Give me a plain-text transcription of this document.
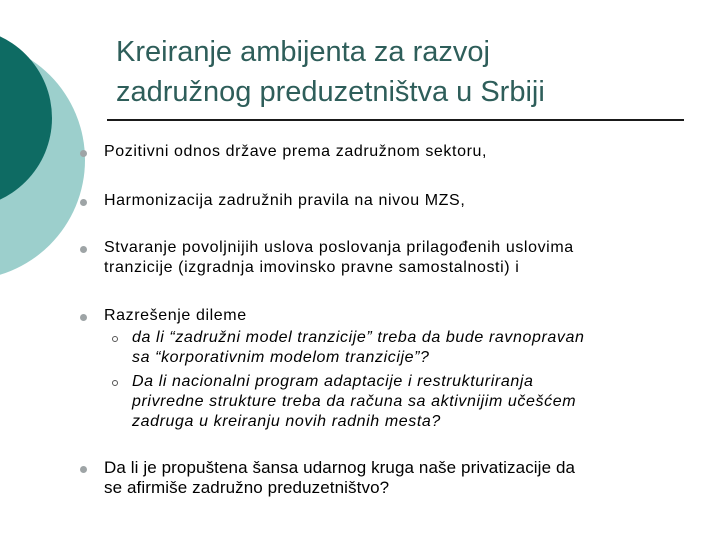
Kreiranje ambijenta za razvoj
zadružnog preduzetništva u Srbiji
Pozitivni odnos države prema zadružnom sektoru,
Harmonizacija zadružnih pravila na nivou MZS,
Stvaranje povoljnijih uslova poslovanja prilagođenih uslovima
tranzicije (izgradnja imovinsko pravne samostalnosti) i
Razrešenje dileme
da li “zadružni model tranzicije” treba da bude ravnopravan
sa “korporativnim modelom tranzicije”?
Da li nacionalni program adaptacije i restrukturiranja
privredne strukture treba da računa sa aktivnijim učešćem
zadruga u kreiranju novih radnih mesta?
Da li je propuštena šansa udarnog kruga naše privatizacije da
se afirmiše zadružno preduzetništvo?
